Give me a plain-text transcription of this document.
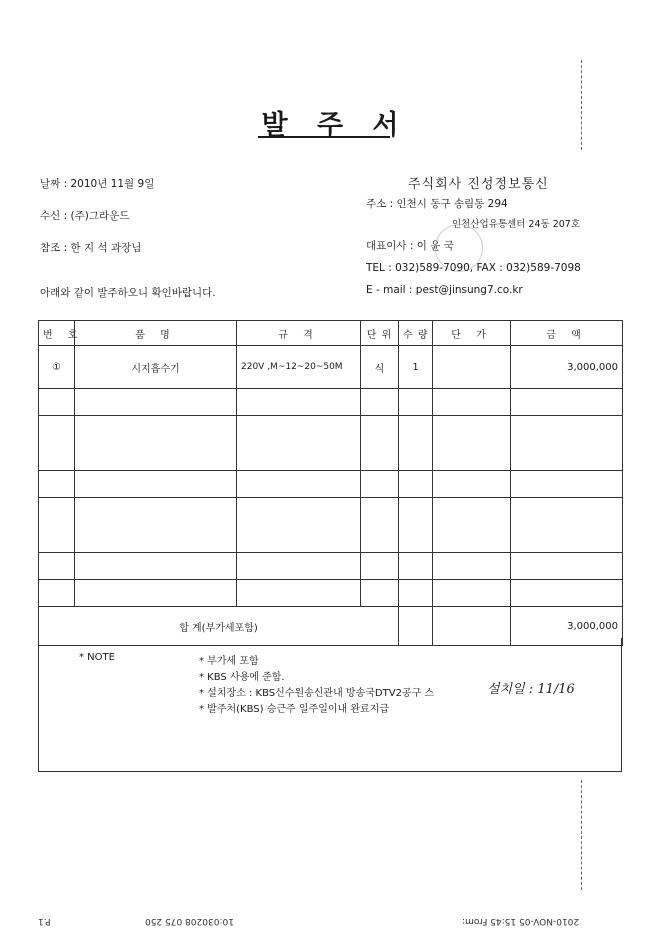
발 주 서
날짜 : 2010년 11월 9일
수신 : (주)그라운드
참조 : 한 지 석 과장님
아래와 같이 발주하오니 확인바랍니다.
주식회사 진성정보통신
주소 : 인천시 동구 송림동 294
인천산업유통센터 24동 207호
대표이사 : 이 윤 국
TEL : 032)589-7090, FAX : 032)589-7098
E - mail : pest@jinsung7.co.kr
번 호	품 명	규 격	단 위	수 량	단 가	금 액
①	시지흡수기	220V ,M~12~20~50M	식	1		3,000,000

합 계(부가세포함)						3,000,000
* NOTE	* 부가세 포함
* KBS 사용에 준함.
* 설치장소 : KBS신수원송신관내 방송국DTV2공구 스	설치일 : 11/16
* 발주처(KBS) 승근주 일주일이내 완료지급
P.1	0208 075 250 10:03	2010-NOV-05 15:45 From:
